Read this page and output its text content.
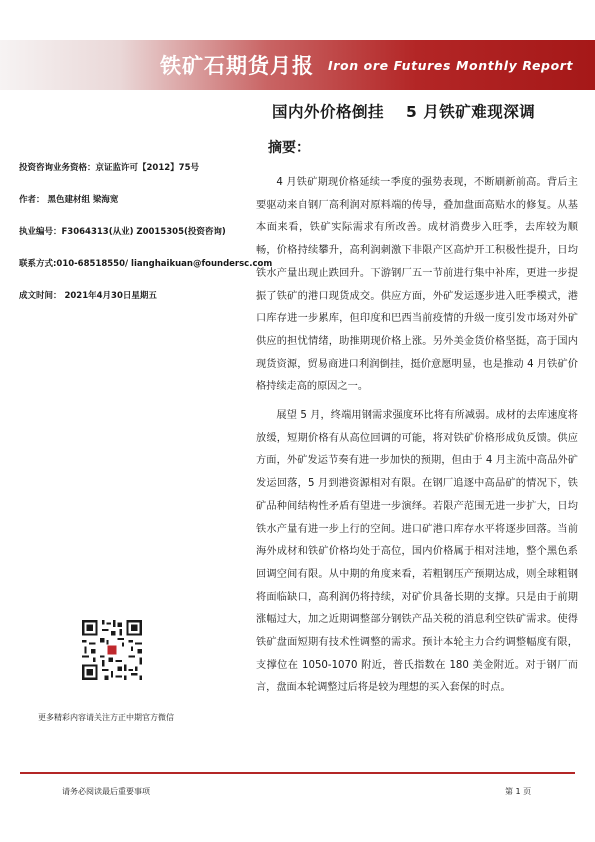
铁矿石期货月报 Iron ore Futures Monthly Report
国内外价格倒挂 5 月铁矿难现深调
摘要：
投资咨询业务资格：京证监许可【2012】75号
作者： 黑色建材组 梁海宽
执业编号：F3064313(从业) Z0015305(投资咨询)
联系方式:010-68518550/ lianghaikuan@foundersc.com
成文时间： 2021年4月30日星期五

4 月铁矿期现价格延续一季度的强势表现，不断刷新前高。背后主要驱动来自钢厂高利润对原料端的传导，叠加盘面高贴水的修复。从基本面来看，铁矿实际需求有所改善。成材消费步入旺季，去库较为顺畅，价格持续攀升，高利润刺激下非限产区高炉开工积极性提升，日均铁水产量出现止跌回升。下游钢厂五一节前进行集中补库，更进一步提振了铁矿的港口现货成交。供应方面，外矿发运逐步进入旺季模式，港口库存进一步累库，但印度和巴西当前疫情的升级一度引发市场对外矿供应的担忧情绪，助推期现价格上涨。另外美金货价格坚挺，高于国内现货资源，贸易商进口利润倒挂，挺价意愿明显，也是推动 4 月铁矿价格持续走高的原因之一。

展望 5 月，终端用钢需求强度环比将有所减弱。成材的去库速度将放缓，短期价格有从高位回调的可能，将对铁矿价格形成负反馈。供应方面，外矿发运节奏有进一步加快的预期，但由于 4 月主流中高品外矿发运回落，5 月到港资源相对有限。在钢厂追逐中高品矿的情况下，铁矿品种间结构性矛盾有望进一步演绎。若限产范围无进一步扩大，日均铁水产量有进一步上行的空间。进口矿港口库存水平将逐步回落。当前海外成材和铁矿价格均处于高位，国内价格属于相对洼地，整个黑色系回调空间有限。从中期的角度来看，若粗钢压产预期达成，则全球粗钢将面临缺口，高利润仍将持续，对矿价具备长期的支撑。只是由于前期涨幅过大，加之近期调整部分钢铁产品关税的消息利空铁矿需求。使得铁矿盘面短期有技术性调整的需求。预计本轮主力合约调整幅度有限，支撑位在 1050-1070 附近，普氏指数在 180 美金附近。对于钢厂而言，盘面本轮调整过后将是较为理想的买入套保的时点。

更多精彩内容请关注方正中期官方微信
请务必阅读最后重要事项	第 1 页
